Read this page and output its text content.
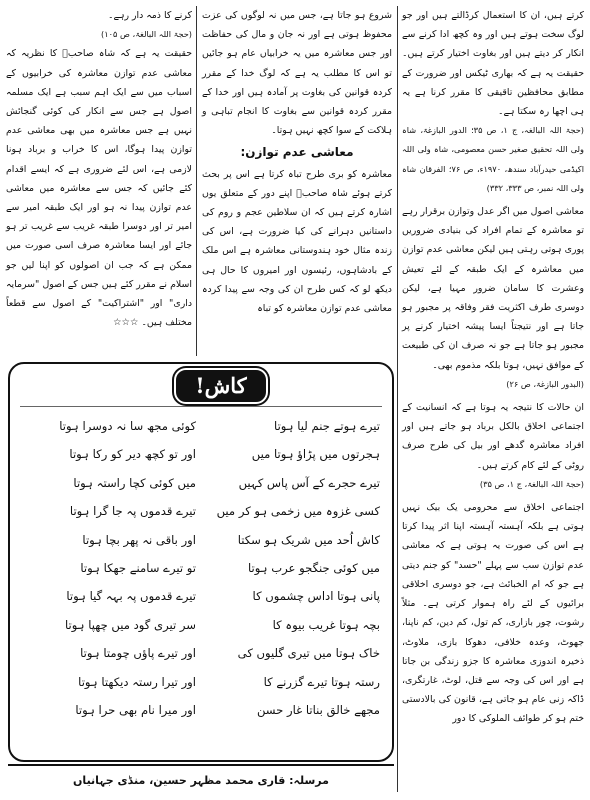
کرتے ہیں، ان کا استعمال کرڈالتے ہیں اور جو لوگ سخت ہوتے ہیں اور وہ کچھ ادا کرنے سے انکار کر دیتے ہیں اور بغاوت اختیار کرتے ہیں۔ حقیقت یہ ہے کہ بھاری ٹیکس اور ضرورت کے مطابق محافظین تاقیقی کا مقرر کرنا ہے یہ ہی اچھا رہ سکتا ہے۔

(حجۃ اللہ البالغہ، ج ۱، ص ۳۵؛ الدور البازغۃ، شاہ ولی اللہ تحقیق صغیر حسن معصومی، شاہ ولی اللہ اکیڈمی حیدرآباد سندھ، ۱۹۷۰ء، ص ۷۶؛ الفرقان شاہ ولی اللہ نمبر، ص ۳۳۳، ۳۳۲)

معاشی اصول میں اگر عدل وتوازن برقرار رہے تو معاشرہ کے تمام افراد کی بنیادی ضروریں پوری ہوتی رہتی ہیں لیکن معاشی عدم توازن میں معاشرہ کے ایک طبقہ کے لئے تعیش وعشرت کا سامان ضرور مہیا ہے، لیکن دوسری طرف اکثریت فقر وفاقہ پر مجبور ہو جاتا ہے اور نتیجتاً ایسا پیشہ اختیار کرنے پر مجبور ہو جاتا ہے جو نہ صرف ان کی طبیعت کے موافق نہیں، ہوتا بلکہ مذموم بھی۔

(البدور البازغۃ، ص ۲۶)

ان حالات کا نتیجہ یہ ہوتا ہے کہ انسانیت کے اجتماعی اخلاق بالکل برباد ہو جاتے ہیں اور افراد معاشرہ گدھے اور بیل کی طرح صرف روٹی کے لئے کام کرتے ہیں۔

(حجۃ اللہ البالغۃ، ج ۱، ص ۳۵)

اجتماعی اخلاق سے محرومی یک بیک نہیں ہوتی ہے بلکہ آہستہ آہستہ اپنا اثر پیدا کرتا ہے اس کی صورت یہ ہوتی ہے کہ معاشی عدم توازن سب سے پہلے "حسد" کو جنم دیتی ہے جو کہ ام الخبائث ہے، جو دوسری اخلاقی برائیوں کے لئے راہ ہموار کرتی ہے۔ مثلاً رشوت، چور بازاری، کم تول، کم دین، کم ناپنا، جھوٹ، وعدہ خلافی، دھوکا بازی، ملاوٹ، ذخیرہ اندوزی معاشرہ کا جزو زندگی بن جاتا ہے اور اس کی وجہ سے قتل، لوٹ، غارتگری، ڈاکہ زنی عام ہو جاتی ہے، قانون کی بالادستی ختم ہو کر طوائف الملوکی کا دور

شروع ہو جاتا ہے، جس میں نہ لوگوں کی عزت محفوظ ہوتی ہے اور نہ جان و مال کی حفاظت اور جس معاشرہ میں یہ خرابیاں عام ہو جائیں تو اس کا مطلب یہ ہے کہ لوگ خدا کے مقرر کردہ قوانین کی بغاوت پر آمادہ ہیں اور خدا کے مقرر کردہ قوانین سے بغاوت کا انجام تباہی و ہلاکت کے سوا کچھ نہیں ہوتا۔

معاشی عدم توازن:

معاشرہ کو بری طرح تباہ کرتا ہے اس پر بحث کرتے ہوئے شاہ صاحبؒ اپنے دور کے متعلق یوں اشارہ کرتے ہیں کہ ان سلاطین عجم و روم کی داستانیں دہرانے کی کیا ضرورت ہے، اس کی زندہ مثال خود ہندوستانی معاشرہ ہے اس ملک کے بادشاہوں، رئیسوں اور امیروں کا حال ہی دیکھ لو کہ کس طرح ان کی وجہ سے پیدا کردہ معاشی عدم توازن معاشرہ کو تباہ

کرنے کا ذمہ دار رہے۔

(حجۃ اللہ البالغۃ، ص ۱۰۵)

حقیقت یہ ہے کہ شاہ صاحبؒ کا نظریہ کہ معاشی عدم توازن معاشرہ کی خرابیوں کے اسباب میں سے ایک اہم سبب ہے ایک مسلمہ اصول ہے جس سے انکار کی کوئی گنجائش نہیں ہے جس معاشرہ میں بھی معاشی عدم توازن پیدا ہوگا، اس کا خراب و برباد ہونا لازمی ہے، اس لئے ضروری ہے کہ ایسے اقدام کئے جائیں کہ جس سے معاشرہ میں معاشی عدم توازن پیدا نہ ہو اور ایک طبقہ امیر سے امیر تر اور دوسرا طبقہ غریب سے غریب تر ہو جائے اور ایسا معاشرہ صرف اسی صورت میں ممکن ہے کہ جب ان اصولوں کو اپنا لیں جو اسلام نے مقرر کئے ہیں جس کے اصول "سرمایہ داری" اور "اشتراکیت" کے اصول سے قطعاً مختلف ہیں۔ ☆☆☆

کاش!
تیرے ہوتے جنم لیا ہوتا
ہجرتوں میں پڑاؤ ہوتا میں
تیرے حجرے کے آس پاس کہیں
کسی غزوہ میں زخمی ہو کر میں
کاش اُحد میں شریک ہو سکتا
میں کوئی جنگجو عرب ہوتا
پانی ہوتا اداس چشموں کا
بچہ ہوتا غریب بیوہ کا
خاک ہوتا میں تیری گلیوں کی
رستہ ہوتا تیرے گزرنے کا
مجھے خالق بناتا غار حسن
کوئی مجھ سا نہ دوسرا ہوتا
اور تو کچھ دیر کو رکا ہوتا
میں کوئی کچا راستہ ہوتا
تیرے قدموں پہ جا گرا ہوتا
اور باقی نہ پھر بچا ہوتا
تو تیرے سامنے جھکا ہوتا
تیرے قدموں پہ بہہ گیا ہوتا
سر تیری گود میں چھپا ہوتا
اور تیرے پاؤں چومتا ہوتا
اور تیرا رستہ دیکھتا ہوتا
اور میرا نام بھی حرا ہوتا
مرسلہ: قاری محمد مظہر حسین، منڈی جہانیاں
